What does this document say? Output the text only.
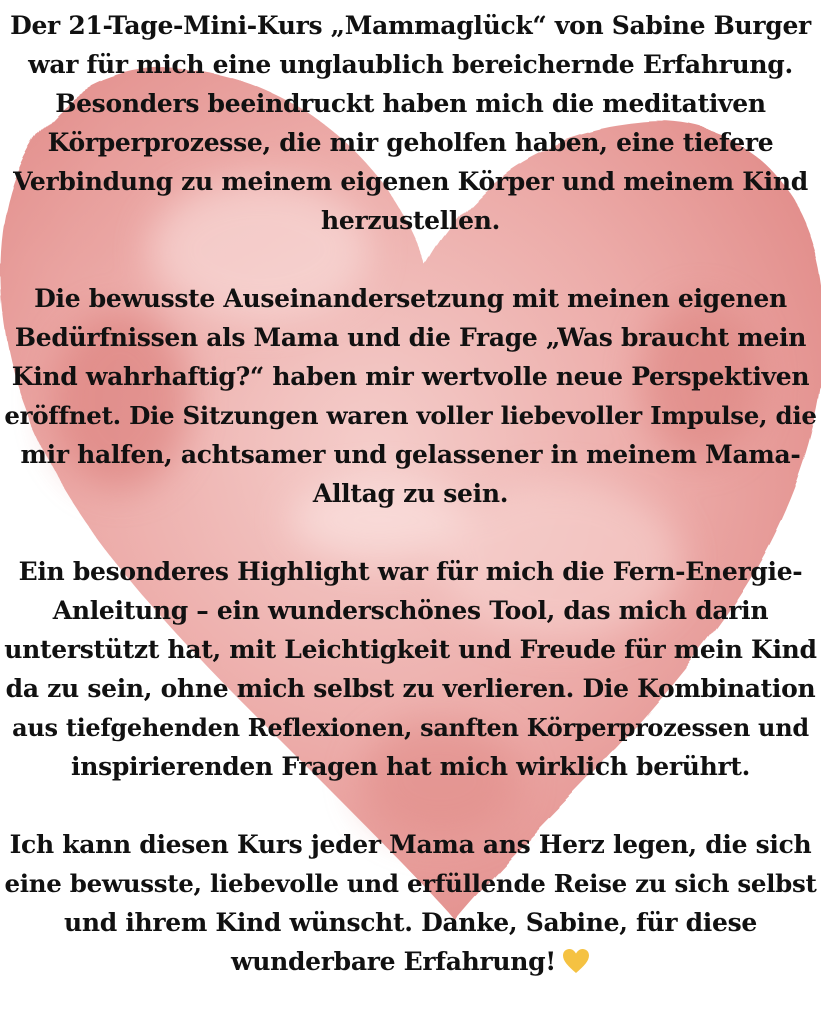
Der 21-Tage-Mini-Kurs „Mammaglück“ von Sabine Burger
war für mich eine unglaublich bereichernde Erfahrung.
Besonders beeindruckt haben mich die meditativen
Körperprozesse, die mir geholfen haben, eine tiefere
Verbindung zu meinem eigenen Körper und meinem Kind
herzustellen.

Die bewusste Auseinandersetzung mit meinen eigenen
Bedürfnissen als Mama und die Frage „Was braucht mein
Kind wahrhaftig?“ haben mir wertvolle neue Perspektiven
eröffnet. Die Sitzungen waren voller liebevoller Impulse, die
mir halfen, achtsamer und gelassener in meinem Mama-
Alltag zu sein.

Ein besonderes Highlight war für mich die Fern-Energie-
Anleitung – ein wunderschönes Tool, das mich darin
unterstützt hat, mit Leichtigkeit und Freude für mein Kind
da zu sein, ohne mich selbst zu verlieren. Die Kombination
aus tiefgehenden Reflexionen, sanften Körperprozessen und
inspirierenden Fragen hat mich wirklich berührt.

Ich kann diesen Kurs jeder Mama ans Herz legen, die sich
eine bewusste, liebevolle und erfüllende Reise zu sich selbst
und ihrem Kind wünscht. Danke, Sabine, für diese
wunderbare Erfahrung!
